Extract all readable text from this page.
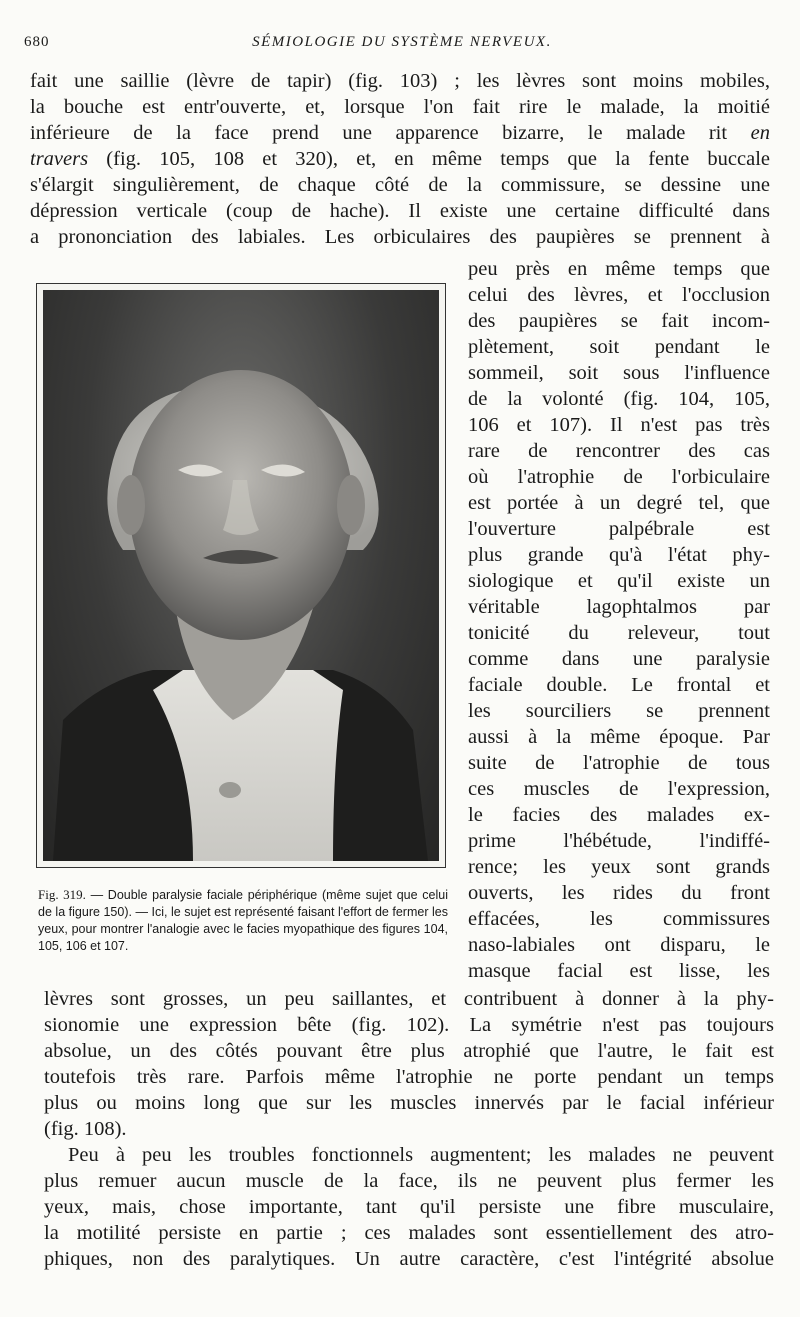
680	SÉMIOLOGIE DU SYSTÈME NERVEUX.
fait une saillie (lèvre de tapir) (fig. 103) ; les lèvres sont moins mobiles,
la bouche est entr'ouverte, et, lorsque l'on fait rire le malade, la moitié
inférieure de la face prend une apparence bizarre, le malade rit en
travers (fig. 105, 108 et 320), et, en même temps que la fente buccale
s'élargit singulièrement, de chaque côté de la commissure, se dessine une
dépression verticale (coup de hache). Il existe une certaine difficulté dans
a prononciation des labiales. Les orbiculaires des paupières se prennent à
Fig. 319. — Double paralysie faciale périphérique (même sujet que celui de la figure 150). — Ici, le sujet est représenté faisant l'effort de fermer les yeux, pour montrer l'analogie avec le facies myopathique des figures 104, 105, 106 et 107.
peu près en même temps que
celui des lèvres, et l'occlusion
des paupières se fait incom-
plètement, soit pendant le
sommeil, soit sous l'influence
de la volonté (fig. 104, 105,
106 et 107). Il n'est pas très
rare de rencontrer des cas
où l'atrophie de l'orbiculaire
est portée à un degré tel, que
l'ouverture palpébrale est
plus grande qu'à l'état phy-
siologique et qu'il existe un
véritable lagophtalmos par
tonicité du releveur, tout
comme dans une paralysie
faciale double. Le frontal et
les sourciliers se prennent
aussi à la même époque. Par
suite de l'atrophie de tous
ces muscles de l'expression,
le facies des malades ex-
prime l'hébétude, l'indiffé-
rence; les yeux sont grands
ouverts, les rides du front
effacées, les commissures
naso-labiales ont disparu, le
masque facial est lisse, les
lèvres sont grosses, un peu saillantes, et contribuent à donner à la phy-
sionomie une expression bête (fig. 102). La symétrie n'est pas toujours
absolue, un des côtés pouvant être plus atrophié que l'autre, le fait est
toutefois très rare. Parfois même l'atrophie ne porte pendant un temps
plus ou moins long que sur les muscles innervés par le facial inférieur
(fig. 108).
Peu à peu les troubles fonctionnels augmentent; les malades ne peuvent
plus remuer aucun muscle de la face, ils ne peuvent plus fermer les
yeux, mais, chose importante, tant qu'il persiste une fibre musculaire,
la motilité persiste en partie ; ces malades sont essentiellement des atro-
phiques, non des paralytiques. Un autre caractère, c'est l'intégrité absolue
